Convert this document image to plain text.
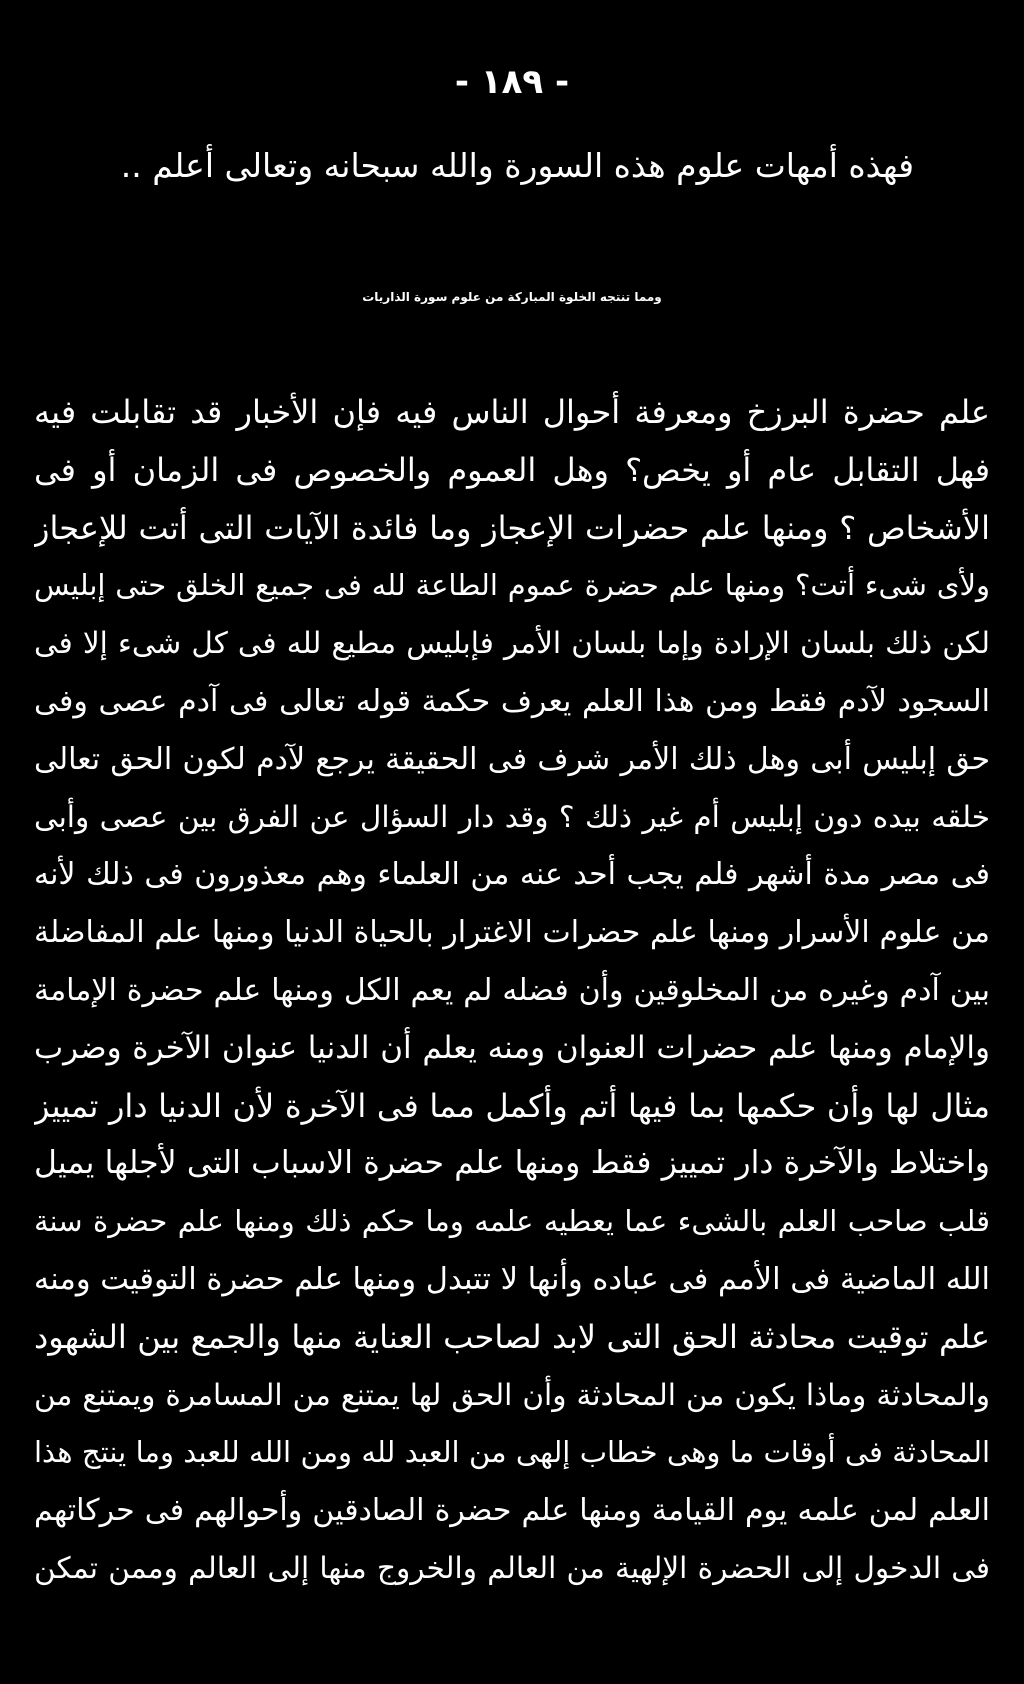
- ١٨٩ -
فهذه أمهات علوم هذه السورة والله سبحانه وتعالى أعلم ..
ومما تنتجه الخلوة المباركة من علوم سورة الذاريات
علم حضرة البرزخ ومعرفة أحوال الناس فيه فإن الأخبار قد تقابلت فيه
فهل التقابل عام أو يخص؟ وهل العموم والخصوص فى الزمان أو فى
الأشخاص ؟ ومنها علم حضرات الإعجاز وما فائدة الآيات التى أتت للإعجاز
ولأى شىء أتت؟ ومنها علم حضرة عموم الطاعة لله فى جميع الخلق حتى إبليس
لكن ذلك بلسان الإرادة وإما بلسان الأمر فإبليس مطيع لله فى كل شىء إلا فى
السجود لآدم فقط ومن هذا العلم يعرف حكمة قوله تعالى فى آدم عصى وفى
حق إبليس أبى وهل ذلك الأمر شرف فى الحقيقة يرجع لآدم لكون الحق تعالى
خلقه بيده دون إبليس أم غير ذلك ؟ وقد دار السؤال عن الفرق بين عصى وأبى
فى مصر مدة أشهر فلم يجب أحد عنه من العلماء وهم معذورون فى ذلك لأنه
من علوم الأسرار ومنها علم حضرات الاغترار بالحياة الدنيا ومنها علم المفاضلة
بين آدم وغيره من المخلوقين وأن فضله لم يعم الكل ومنها علم حضرة الإمامة
والإمام ومنها علم حضرات العنوان ومنه يعلم أن الدنيا عنوان الآخرة وضرب
مثال لها وأن حكمها بما فيها أتم وأكمل مما فى الآخرة لأن الدنيا دار تمييز
واختلاط والآخرة دار تمييز فقط ومنها علم حضرة الاسباب التى لأجلها يميل
قلب صاحب العلم بالشىء عما يعطيه علمه وما حكم ذلك ومنها علم حضرة سنة
الله الماضية فى الأمم فى عباده وأنها لا تتبدل ومنها علم حضرة التوقيت ومنه
علم توقيت محادثة الحق التى لابد لصاحب العناية منها والجمع بين الشهود
والمحادثة وماذا يكون من المحادثة وأن الحق لها يمتنع من المسامرة ويمتنع من
المحادثة فى أوقات ما وهى خطاب إلهى من العبد لله ومن الله للعبد وما ينتج هذا
العلم لمن علمه يوم القيامة ومنها علم حضرة الصادقين وأحوالهم فى حركاتهم
فى الدخول إلى الحضرة الإلهية من العالم والخروج منها إلى العالم وممن تمكن
